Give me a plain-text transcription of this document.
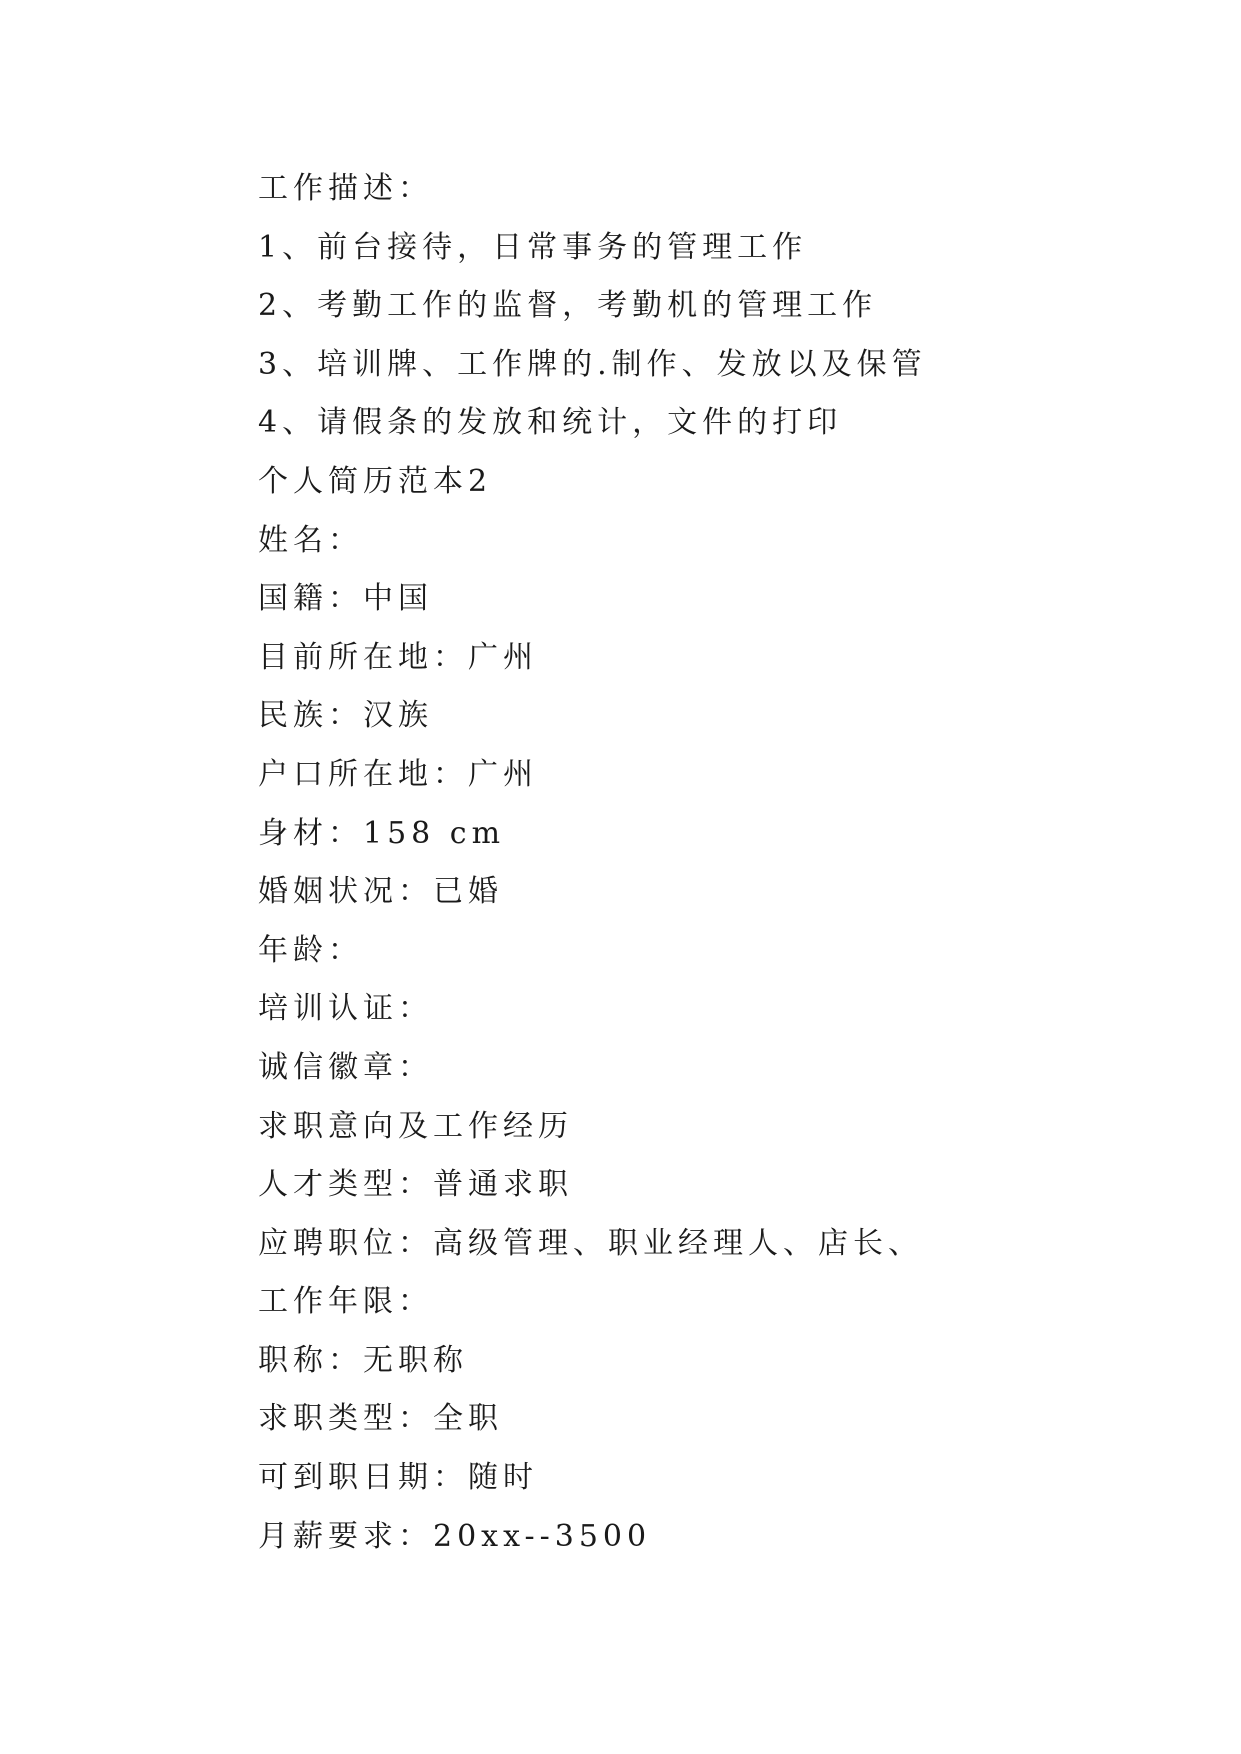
工作描述：
1、前台接待，日常事务的管理工作
2、考勤工作的监督，考勤机的管理工作
3、培训牌、工作牌的.制作、发放以及保管
4、请假条的发放和统计，文件的打印
个人简历范本2
姓名：
国籍：中国
目前所在地：广州
民族：汉族
户口所在地：广州
身材：158 cm
婚姻状况：已婚
年龄：
培训认证：
诚信徽章：
求职意向及工作经历
人才类型：普通求职
应聘职位：高级管理、职业经理人、店长、
工作年限：
职称：无职称
求职类型：全职
可到职日期：随时
月薪要求：20xx--3500
